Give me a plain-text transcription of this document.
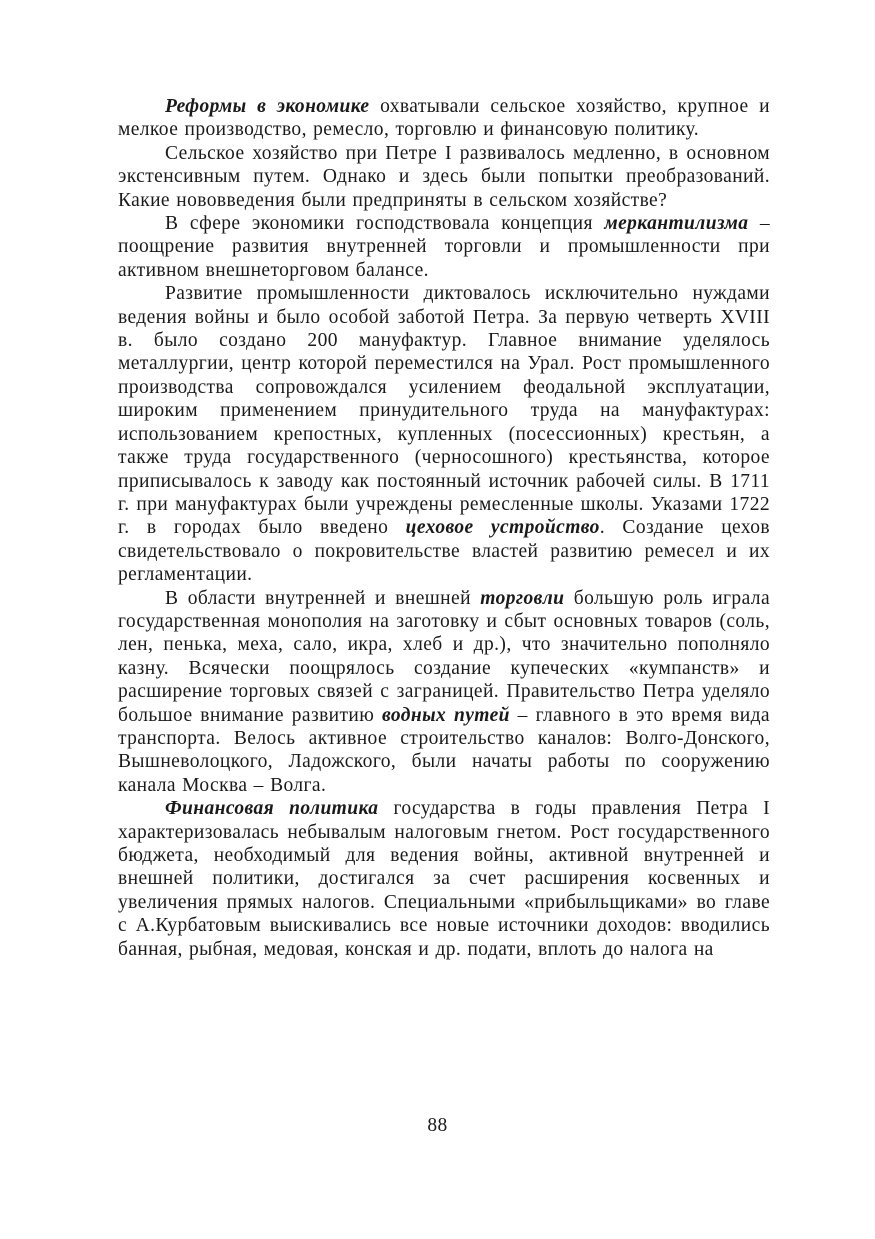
Реформы в экономике охватывали сельское хозяйство, крупное и мелкое производство, ремесло, торговлю и финансовую политику.

Сельское хозяйство при Петре I развивалось медленно, в основном экстенсивным путем. Однако и здесь были попытки преобразований. Какие нововведения были предприняты в сельском хозяйстве?

В сфере экономики господствовала концепция меркантилизма – поощрение развития внутренней торговли и промышленности при активном внешнеторговом балансе.

Развитие промышленности диктовалось исключительно нуждами ведения войны и было особой заботой Петра. За первую четверть XVIII в. было создано 200 мануфактур. Главное внимание уделялось металлургии, центр которой переместился на Урал. Рост промышленного производства сопровождался усилением феодальной эксплуатации, широким применением принудительного труда на мануфактурах: использованием крепостных, купленных (посессионных) крестьян, а также труда государственного (черносошного) крестьянства, которое приписывалось к заводу как постоянный источник рабочей силы. В 1711 г. при мануфактурах были учреждены ремесленные школы. Указами 1722 г. в городах было введено цеховое устройство. Создание цехов свидетельствовало о покровительстве властей развитию ремесел и их регламентации.

В области внутренней и внешней торговли большую роль играла государственная монополия на заготовку и сбыт основных товаров (соль, лен, пенька, меха, сало, икра, хлеб и др.), что значительно пополняло казну. Всячески поощрялось создание купеческих «кумпанств» и расширение торговых связей с заграницей. Правительство Петра уделяло большое внимание развитию водных путей – главного в это время вида транспорта. Велось активное строительство каналов: Волго-Донского, Вышневолоцкого, Ладожского, были начаты работы по сооружению канала Москва – Волга.

Финансовая политика государства в годы правления Петра I характеризовалась небывалым налоговым гнетом. Рост государственного бюджета, необходимый для ведения войны, активной внутренней и внешней политики, достигался за счет расширения косвенных и увеличения прямых налогов. Специальными «прибыльщиками» во главе с А.Курбатовым выискивались все новые источники доходов: вводились банная, рыбная, медовая, конская и др. подати, вплоть до налога на

88
